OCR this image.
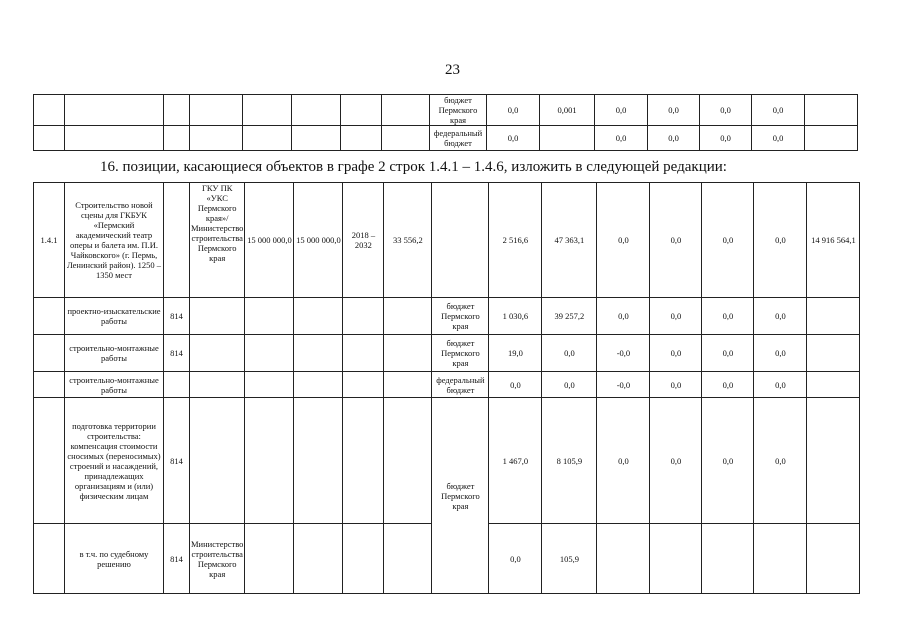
23
								бюджет Пермского края	0,0	0,001	0,0	0,0	0,0	0,0	
								федеральный бюджет	0,0		0,0	0,0	0,0	0,0	
16. позиции, касающиеся объектов в графе 2 строк 1.4.1 – 1.4.6, изложить в следующей редакции:
1.4.1	Строительство новой сцены для ГКБУК «Пермский академический театр оперы и балета им. П.И. Чайковского» (г. Пермь, Ленинский район). 1250 – 1350 мест		ГКУ ПК «УКС Пермского края»/ Министерство строительства Пермского края	15 000 000,0	15 000 000,0	2018 – 2032	33 556,2		2 516,6	47 363,1	0,0	0,0	0,0	0,0	14 916 564,1
	проектно-изыскательские работы	814						бюджет Пермского края	1 030,6	39 257,2	0,0	0,0	0,0	0,0	
	строительно-монтажные работы	814						бюджет Пермского края	19,0	0,0	-0,0	0,0	0,0	0,0	
	строительно-монтажные работы							федеральный бюджет	0,0	0,0	-0,0	0,0	0,0	0,0	
	подготовка территории строительства: компенсация стоимости сносимых (переносимых) строений и насаждений, принадлежащих организациям и (или) физическим лицам	814						бюджет Пермского края	1 467,0	8 105,9	0,0	0,0	0,0	0,0	
	в т.ч. по судебному решению	814	Министерство строительства Пермского края						0,0	105,9					
